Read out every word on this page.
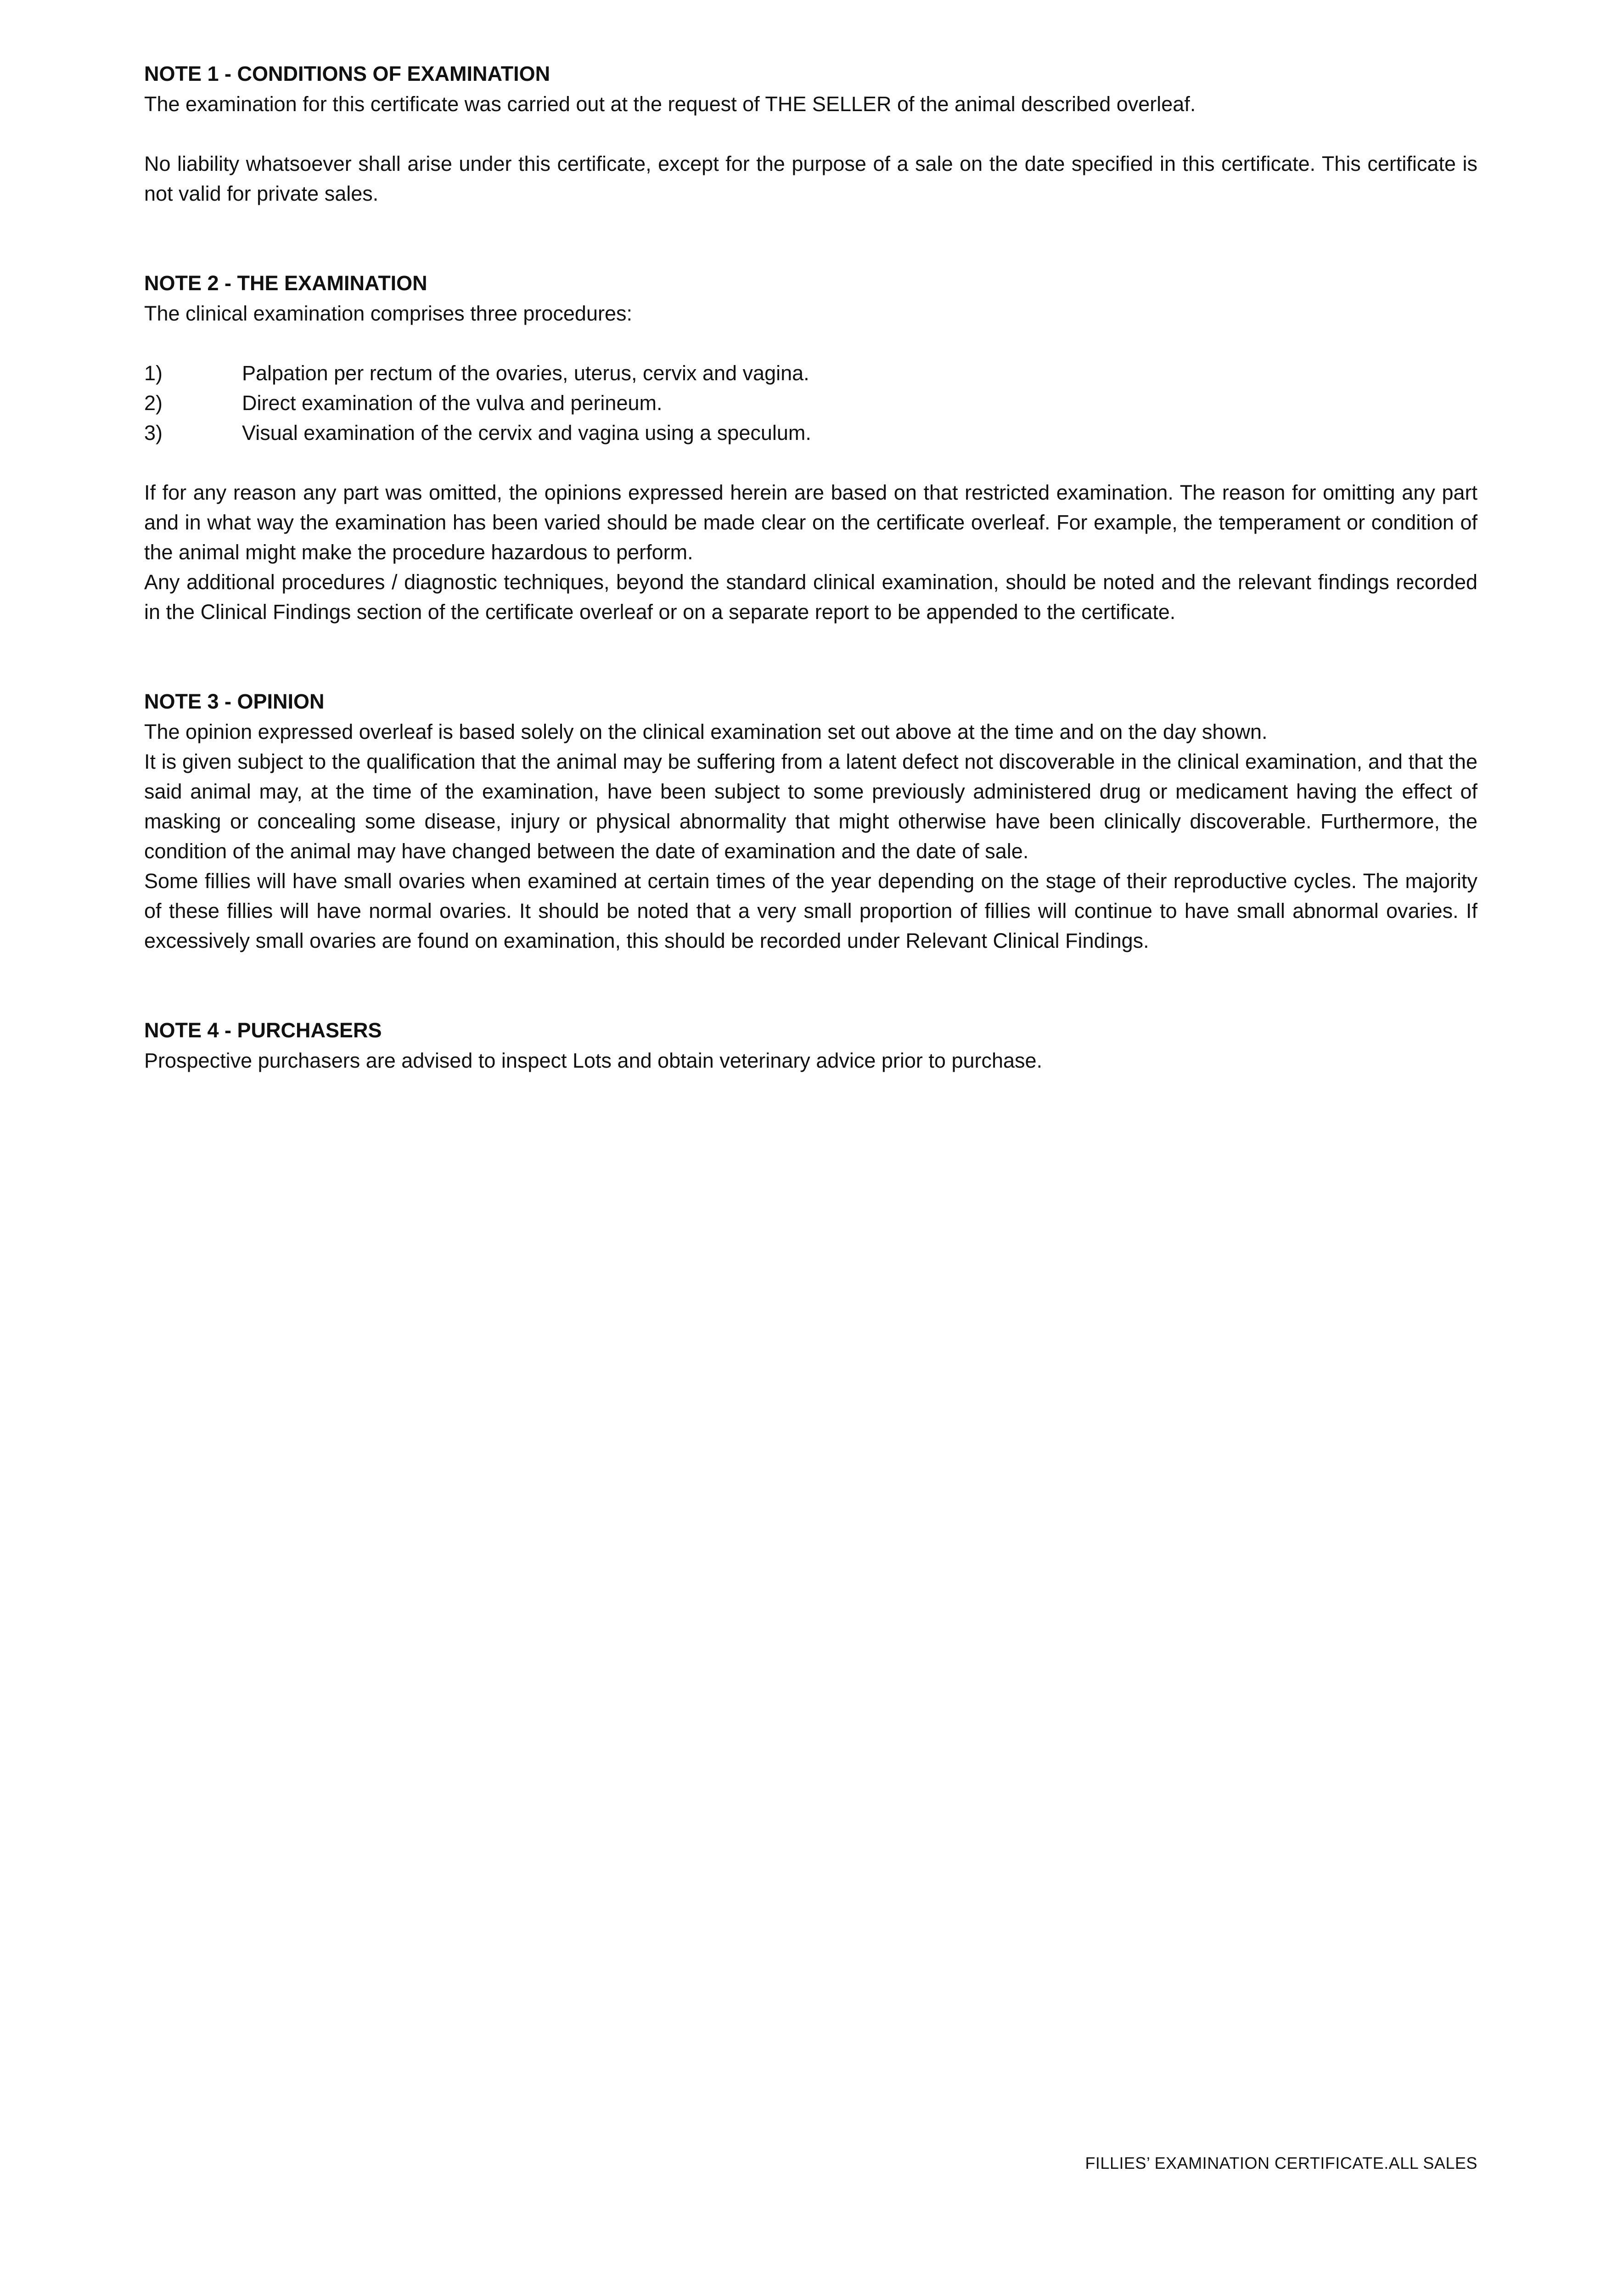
NOTE 1 - CONDITIONS OF EXAMINATION

The examination for this certificate was carried out at the request of THE SELLER of the animal described overleaf.

No liability whatsoever shall arise under this certificate, except for the purpose of a sale on the date specified in this certificate. This certificate is not valid for private sales.

NOTE 2 - THE EXAMINATION

The clinical examination comprises three procedures:

1)	Palpation per rectum of the ovaries, uterus, cervix and vagina.
2)	Direct examination of the vulva and perineum.
3)	Visual examination of the cervix and vagina using a speculum.

If for any reason any part was omitted, the opinions expressed herein are based on that restricted examination. The reason for omitting any part and in what way the examination has been varied should be made clear on the certificate overleaf. For example, the temperament or condition of the animal might make the procedure hazardous to perform.

Any additional procedures / diagnostic techniques, beyond the standard clinical examination, should be noted and the relevant findings recorded in the Clinical Findings section of the certificate overleaf or on a separate report to be appended to the certificate.

NOTE 3 - OPINION

The opinion expressed overleaf is based solely on the clinical examination set out above at the time and on the day shown.

It is given subject to the qualification that the animal may be suffering from a latent defect not discoverable in the clinical examination, and that the said animal may, at the time of the examination, have been subject to some previously administered drug or medicament having the effect of masking or concealing some disease, injury or physical abnormality that might otherwise have been clinically discoverable. Furthermore, the condition of the animal may have changed between the date of examination and the date of sale.

Some fillies will have small ovaries when examined at certain times of the year depending on the stage of their reproductive cycles. The majority of these fillies will have normal ovaries. It should be noted that a very small proportion of fillies will continue to have small abnormal ovaries. If excessively small ovaries are found on examination, this should be recorded under Relevant Clinical Findings.

NOTE 4 - PURCHASERS

Prospective purchasers are advised to inspect Lots and obtain veterinary advice prior to purchase.

FILLIES’ EXAMINATION CERTIFICATE.ALL SALES
